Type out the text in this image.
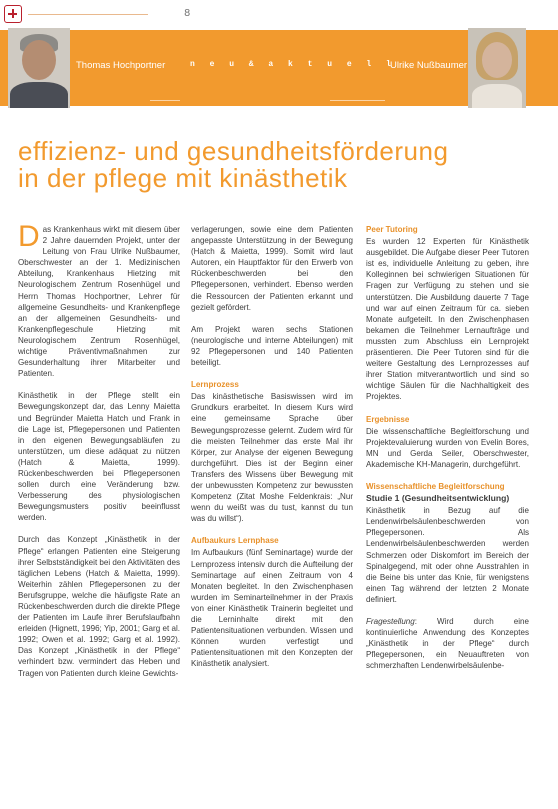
8
Thomas Hochportner	n e u & a k t u e l l
Ulrike Nußbaumer
effizienz- und gesundheitsförderung
in der pflege mit kinästhetik

Das Krankenhaus wirkt mit diesem über 2 Jahre dauernden Projekt, unter der Leitung von Frau Ulrike Nußbaumer, Oberschwester an der 1. Medizinischen Abteilung, Krankenhaus Hietzing mit Neurologischem Zentrum Rosenhügel und Herrn Thomas Hochportner, Lehrer für allgemeine Gesundheits- und Krankenpflege an der allgemeinen Gesundheits- und Krankenpflegeschule Hietzing mit Neurologischem Zentrum Rosenhügel, wichtige Präventivmaßnahmen zur Gesunderhaltung ihrer Mitarbeiter und Patienten.

Kinästhetik in der Pflege stellt ein Bewegungskonzept dar, das Lenny Maietta und Begründer Maietta Hatch und Frank in die Lage ist, Pflegepersonen und Patienten in den eigenen Bewegungsabläufen zu unterstützen, um diese adäquat zu nützen (Hatch & Maietta, 1999). Rückenbeschwerden bei Pflegepersonen sollen durch eine Veränderung bzw. Verbesserung des physiologischen Bewegungsmusters positiv beeinflusst werden.

Durch das Konzept „Kinästhetik in der Pflege“ erlangen Patienten eine Steigerung ihrer Selbstständigkeit bei den Aktivitäten des täglichen Lebens (Hatch & Maietta, 1999). Weiterhin zählen Pflegepersonen zu der Berufsgruppe, welche die häufigste Rate an Rückenbeschwerden durch die direkte Pflege der Patienten im Laufe ihrer Berufslaufbahn erleiden (Hignett, 1996; Yip, 2001; Garg et al. 1992; Owen et al. 1992; Garg et al. 1992). Das Konzept „Kinästhetik in der Pflege“ verhindert bzw. vermindert das Heben und Tragen von Patienten durch kleine Gewichts-

verlagerungen, sowie eine dem Patienten angepasste Unterstützung in der Bewegung (Hatch & Maietta, 1999). Somit wird laut Autoren, ein Hauptfaktor für den Erwerb von Rückenbeschwerden bei den Pflegepersonen, verhindert. Ebenso werden die Ressourcen der Patienten erkannt und gezielt gefördert.

Am Projekt waren sechs Stationen (neurologische und interne Abteilungen) mit 92 Pflegepersonen und 140 Patienten beteiligt.

Lernprozess

Das kinästhetische Basiswissen wird im Grundkurs erarbeitet. In diesem Kurs wird eine gemeinsame Sprache über Bewegungsprozesse gelernt. Zudem wird für die meisten Teilnehmer das erste Mal ihr Körper, zur Analyse der eigenen Bewegung durchgeführt. Dies ist der Beginn einer Transfers des Wissens über Bewegung mit der unbewussten Kompetenz zur bewussten Kompetenz (Zitat Moshe Feldenkrais: „Nur wenn du weißt was du tust, kannst du tun was du willst“).

Aufbaukurs Lernphase

Im Aufbaukurs (fünf Seminartage) wurde der Lernprozess intensiv durch die Aufteilung der Seminartage auf einen Zeitraum von 4 Monaten begleitet. In den Zwischenphasen wurden im Seminarteilnehmer in der Praxis von einer Kinästhetik Trainerin begleitet und die Lerninhalte direkt mit den Patientensituationen verbunden. Wissen und Können wurden verfestigt und Patientensituationen mit den Konzepten der Kinästhetik analysiert.

Peer Tutoring

Es wurden 12 Experten für Kinästhetik ausgebildet. Die Aufgabe dieser Peer Tutoren ist es, individuelle Anleitung zu geben, ihre Kolleginnen bei schwierigen Situationen für Fragen zur Verfügung zu stehen und sie unterstützen. Die Ausbildung dauerte 7 Tage und war auf einen Zeitraum für ca. sieben Monate aufgeteilt. In den Zwischenphasen bekamen die Teilnehmer Lernaufträge und mussten zum Abschluss ein Lernprojekt präsentieren. Die Peer Tutoren sind für die weitere Gestaltung des Lernprozesses auf ihrer Station mitverantwortlich und sind so wichtige Säulen für die Nachhaltigkeit des Projektes.

Ergebnisse

Die wissenschaftliche Begleitforschung und Projektevaluierung wurden von Evelin Bores, MN und Gerda Seiler, Oberschwester, Akademische KH-Managerin, durchgeführt.

Wissenschaftliche Begleitforschung
Studie 1 (Gesundheitsentwicklung)

Kinästhetik in Bezug auf die Lendenwirbelsäulenbeschwerden von Pflegepersonen. Als Lendenwirbelsäulenbeschwerden werden Schmerzen oder Diskomfort im Bereich der Spinalgegend, mit oder ohne Ausstrahlen in die Beine bis unter das Knie, für wenigstens einen Tag während der letzten 2 Monate definiert.

Fragestellung: Wird durch eine kontinuierliche Anwendung des Konzeptes „Kinästhetik in der Pflege“ durch Pflegepersonen, ein Neuauftreten von schmerzhaften Lendenwirbelsäulenbe-
